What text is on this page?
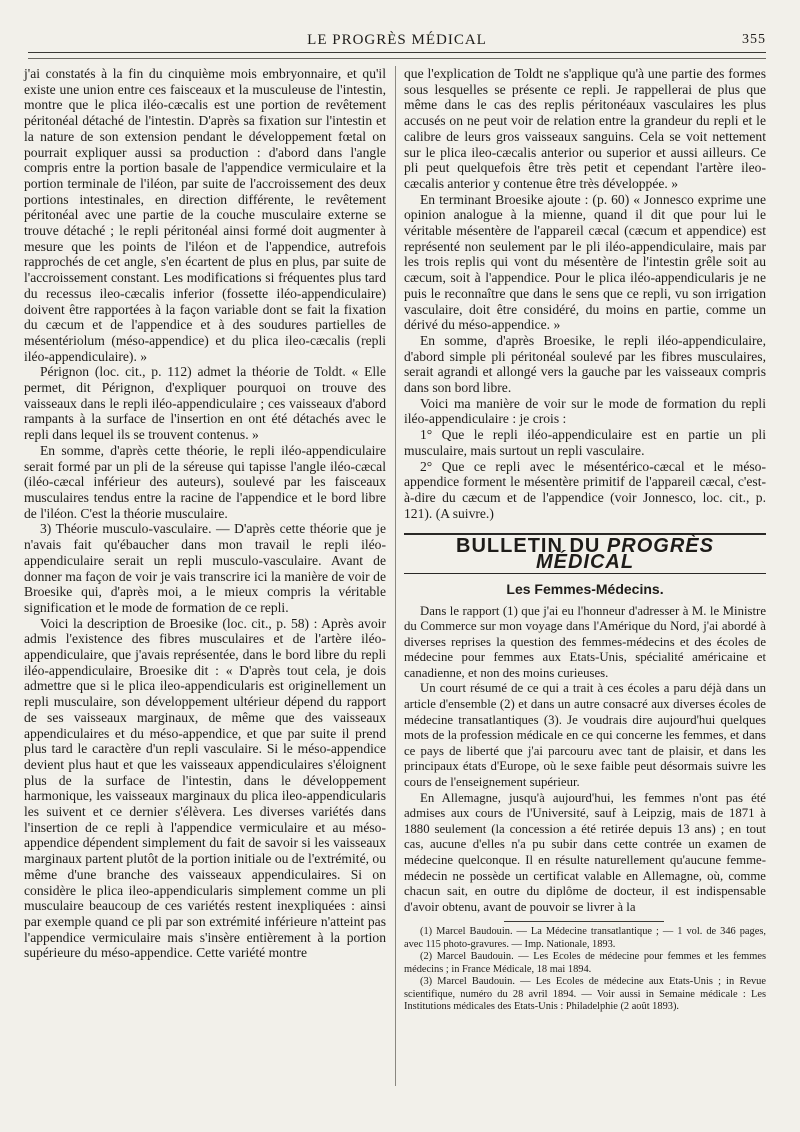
LE PROGRÈS MÉDICAL	355

j'ai constatés à la fin du cinquième mois embryonnaire, et qu'il existe une union entre ces faisceaux et la musculeuse de l'intestin, montre que le plica iléo-cæcalis est une portion de revêtement péritonéal détaché de l'intestin. D'après sa fixation sur l'intestin et la nature de son extension pendant le développement fœtal on pourrait expliquer aussi sa production : d'abord dans l'angle compris entre la portion basale de l'appendice vermiculaire et la portion terminale de l'iléon, par suite de l'accroissement des deux portions intestinales, en direction différente, le revêtement péritonéal avec une partie de la couche musculaire externe se trouve détaché ; le repli péritonéal ainsi formé doit augmenter à mesure que les points de l'iléon et de l'appendice, autrefois rapprochés de cet angle, s'en écartent de plus en plus, par suite de l'accroissement constant. Les modifications si fréquentes plus tard du recessus ileo-cæcalis inferior (fossette iléo-appendiculaire) doivent être rapportées à la façon variable dont se fait la fixation du cæcum et de l'appendice et à des soudures partielles de mésentériolum (méso-appendice) et du plica ileo-cæcalis (repli iléo-appendiculaire). »

Pérignon (loc. cit., p. 112) admet la théorie de Toldt. « Elle permet, dit Pérignon, d'expliquer pourquoi on trouve des vaisseaux dans le repli iléo-appendiculaire ; ces vaisseaux d'abord rampants à la surface de l'insertion en ont été détachés avec le repli dans lequel ils se trouvent contenus. »

En somme, d'après cette théorie, le repli iléo-appendiculaire serait formé par un pli de la séreuse qui tapisse l'angle iléo-cæcal (iléo-cæcal inférieur des auteurs), soulevé par les faisceaux musculaires tendus entre la racine de l'appendice et le bord libre de l'iléon. C'est la théorie musculaire.

3) Théorie musculo-vasculaire. — D'après cette théorie que je n'avais fait qu'ébaucher dans mon travail le repli iléo-appendiculaire serait un repli musculo-vasculaire. Avant de donner ma façon de voir je vais transcrire ici la manière de voir de Broesike qui, d'après moi, a le mieux compris la véritable signification et le mode de formation de ce repli.

Voici la description de Broesike (loc. cit., p. 58) : Après avoir admis l'existence des fibres musculaires et de l'artère iléo-appendiculaire, que j'avais représentée, dans le bord libre du repli iléo-appendiculaire, Broesike dit : « D'après tout cela, je dois admettre que si le plica ileo-appendicularis est originellement un repli musculaire, son développement ultérieur dépend du rapport de ses vaisseaux marginaux, de même que des vaisseaux appendiculaires et du méso-appendice, et que par suite il prend plus tard le caractère d'un repli vasculaire. Si le méso-appendice devient plus haut et que les vaisseaux appendiculaires s'éloignent plus de la surface de l'intestin, dans le développement harmonique, les vaisseaux marginaux du plica ileo-appendicularis les suivent et ce dernier s'élèvera. Les diverses variétés dans l'insertion de ce repli à l'appendice vermiculaire et au méso-appendice dépendent simplement du fait de savoir si les vaisseaux marginaux partent plutôt de la portion initiale ou de l'extrémité, ou même d'une branche des vaisseaux appendiculaires. Si on considère le plica ileo-appendicularis simplement comme un pli musculaire beaucoup de ces variétés restent inexpliquées : ainsi par exemple quand ce pli par son extrémité inférieure n'atteint pas l'appendice vermiculaire mais s'insère entièrement à la portion supérieure du méso-appendice. Cette variété montre

que l'explication de Toldt ne s'applique qu'à une partie des formes sous lesquelles se présente ce repli. Je rappellerai de plus que même dans le cas des replis péritonéaux vasculaires les plus accusés on ne peut voir de relation entre la grandeur du repli et le calibre de leurs gros vaisseaux sanguins. Cela se voit nettement sur le plica ileo-cæcalis anterior ou superior et aussi ailleurs. Ce pli peut quelquefois être très petit et cependant l'artère ileo-cæcalis anterior y contenue être très développée. »

En terminant Broesike ajoute : (p. 60) « Jonnesco exprime une opinion analogue à la mienne, quand il dit que pour lui le véritable mésentère de l'appareil cæcal (cæcum et appendice) est représenté non seulement par le pli iléo-appendiculaire, mais par les trois replis qui vont du mésentère de l'intestin grêle soit au cæcum, soit à l'appendice. Pour le plica iléo-appendicularis je ne puis le reconnaître que dans le sens que ce repli, vu son irrigation vasculaire, doit être considéré, du moins en partie, comme un dérivé du méso-appendice. »

En somme, d'après Broesike, le repli iléo-appendiculaire, d'abord simple pli péritonéal soulevé par les fibres musculaires, serait agrandi et allongé vers la gauche par les vaisseaux compris dans son bord libre.

Voici ma manière de voir sur le mode de formation du repli iléo-appendiculaire : je crois :

1° Que le repli iléo-appendiculaire est en partie un pli musculaire, mais surtout un repli vasculaire.

2° Que ce repli avec le mésentérico-cæcal et le méso-appendice forment le mésentère primitif de l'appareil cæcal, c'est-à-dire du cæcum et de l'appendice (voir Jonnesco, loc. cit., p. 121). (A suivre.)

BULLETIN DU PROGRÈS MÉDICAL
Les Femmes-Médecins.

Dans le rapport (1) que j'ai eu l'honneur d'adresser à M. le Ministre du Commerce sur mon voyage dans l'Amérique du Nord, j'ai abordé à diverses reprises la question des femmes-médecins et des écoles de médecine pour femmes aux Etats-Unis, spécialité américaine et canadienne, et non des moins curieuses.

Un court résumé de ce qui a trait à ces écoles a paru déjà dans un article d'ensemble (2) et dans un autre consacré aux diverses écoles de médecine transatlantiques (3). Je voudrais dire aujourd'hui quelques mots de la profession médicale en ce qui concerne les femmes, et dans ce pays de liberté que j'ai parcouru avec tant de plaisir, et dans les principaux états d'Europe, où le sexe faible peut désormais suivre les cours de l'enseignement supérieur.

En Allemagne, jusqu'à aujourd'hui, les femmes n'ont pas été admises aux cours de l'Université, sauf à Leipzig, mais de 1871 à 1880 seulement (la concession a été retirée depuis 13 ans) ; en tout cas, aucune d'elles n'a pu subir dans cette contrée un examen de médecine quelconque. Il en résulte naturellement qu'aucune femme-médecin ne possède un certificat valable en Allemagne, où, comme chacun sait, en outre du diplôme de docteur, il est indispensable d'avoir obtenu, avant de pouvoir se livrer à la

(1) Marcel Baudouin. — La Médecine transatlantique ; — 1 vol. de 346 pages, avec 115 photo-gravures. — Imp. Nationale, 1893.

(2) Marcel Baudouin. — Les Ecoles de médecine pour femmes et les femmes médecins ; in France Médicale, 18 mai 1894.

(3) Marcel Baudouin. — Les Ecoles de médecine aux Etats-Unis ; in Revue scientifique, numéro du 28 avril 1894. — Voir aussi in Semaine médicale : Les Institutions médicales des Etats-Unis : Philadelphie (2 août 1893).
